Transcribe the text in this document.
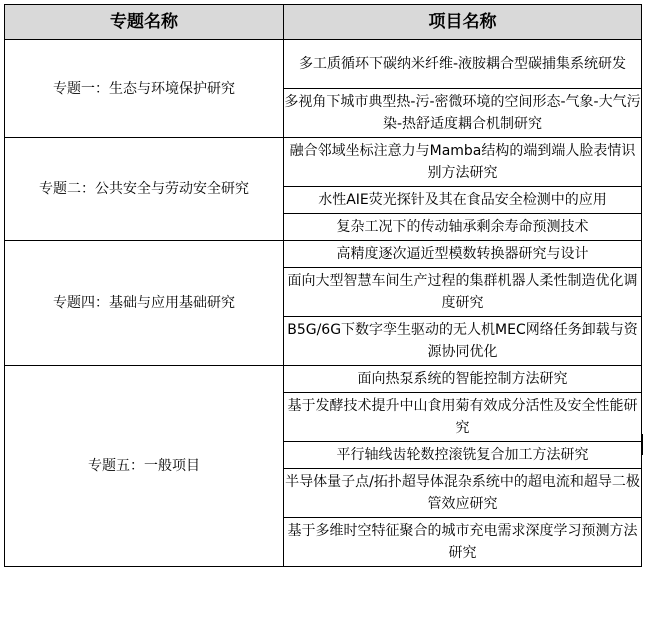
专题名称	项目名称
专题一：生态与环境保护研究	多工质循环下碳纳米纤维-液胺耦合型碳捕集系统研发
	多视角下城市典型热-污-密微环境的空间形态-气象-大气污染-热舒适度耦合机制研究
专题二：公共安全与劳动安全研究	融合邻域坐标注意力与Mamba结构的端到端人脸表情识别方法研究
	水性AIE荧光探针及其在食品安全检测中的应用
	复杂工况下的传动轴承剩余寿命预测技术
专题四：基础与应用基础研究	高精度逐次逼近型模数转换器研究与设计
	面向大型智慧车间生产过程的集群机器人柔性制造优化调度研究
	B5G/6G下数字孪生驱动的无人机MEC网络任务卸载与资源协同优化
专题五：一般项目	面向热泵系统的智能控制方法研究
	基于发酵技术提升中山食用菊有效成分活性及安全性能研究
	平行轴线齿轮数控滚铣复合加工方法研究
	半导体量子点/拓扑超导体混杂系统中的超电流和超导二极管效应研究
	基于多维时空特征聚合的城市充电需求深度学习预测方法研究
